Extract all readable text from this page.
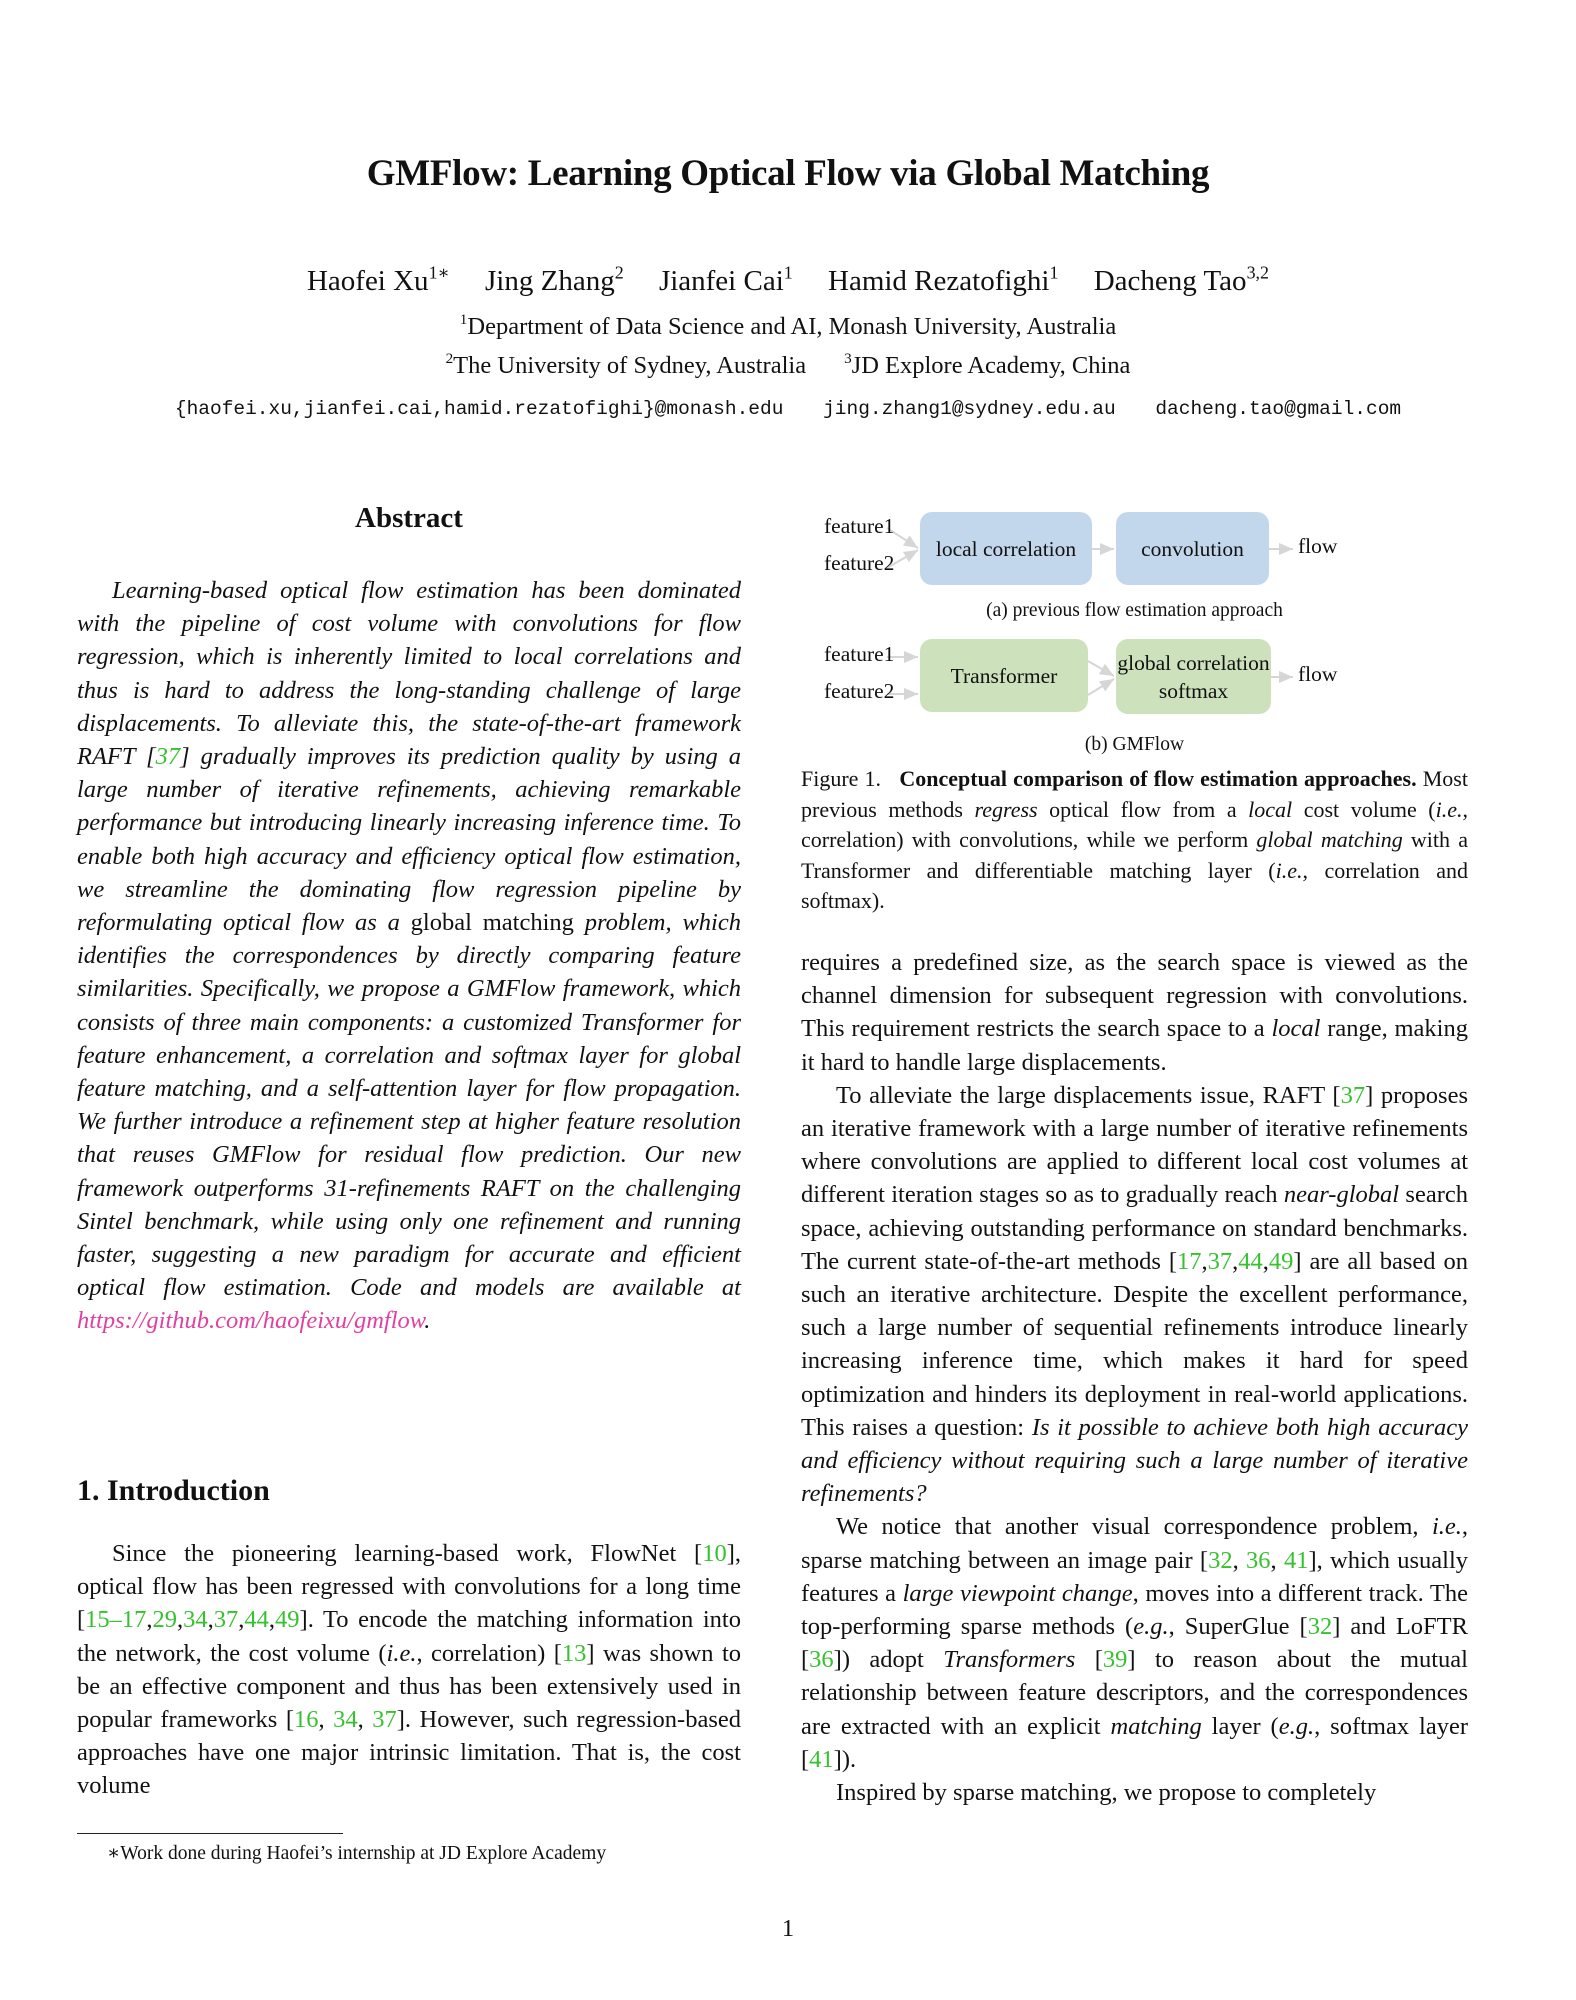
GMFlow: Learning Optical Flow via Global Matching
Haofei $Xu^{1∗}$ Jing Zhang$^2$ Jianfei Cai$^1$ Hamid Rezatofighi$^1$ Dacheng Tao$^{3,2}$
$^1$Department of Data Science and AI, Monash University, Australia
$^2$The University of Sydney, Australia	$^3$JD Explore Academy, China
{haofei.xu,jianfei.cai,hamid.rezatofighi}@monash.edu jing.zhang1@sydney.edu.au dacheng.tao@gmail.com
Abstract

Learning-based optical flow estimation has been dominated with the pipeline of cost volume with convolutions for flow regression, which is inherently limited to local correlations and thus is hard to address the long-standing challenge of large displacements. To alleviate this, the state-of-the-art framework RAFT [37] gradually improves its prediction quality by using a large number of iterative refinements, achieving remarkable performance but introducing linearly increasing inference time. To enable both high accuracy and efficiency optical flow estimation, we streamline the dominating flow regression pipeline by reformulating optical flow as a global matching problem, which identifies the correspondences by directly comparing feature similarities. Specifically, we propose a GMFlow framework, which consists of three main components: a customized Transformer for feature enhancement, a correlation and softmax layer for global feature matching, and a self-attention layer for flow propagation. We further introduce a refinement step at higher feature resolution that reuses GMFlow for residual flow prediction. Our new framework outperforms 31-refinements RAFT on the challenging Sintel benchmark, while using only one refinement and running faster, suggesting a new paradigm for accurate and efficient optical flow estimation. Code and models are available at https://github.com/haofeixu/gmflow.

1. Introduction

Since the pioneering learning-based work, FlowNet [10], optical flow has been regressed with convolutions for a long time [15–17,29,34,37,44,49]. To encode the matching information into the network, the cost volume (i.e., correlation) [13] was shown to be an effective component and thus has been extensively used in popular frameworks [16, 34, 37]. However, such regression-based approaches have one major intrinsic limitation. That is, the cost volume

∗Work done during Haofei’s internship at JD Explore Academy
feature1
feature2
local correlation	convolution	flow
(a) previous flow estimation approach
feature1
feature2
Transformer
global correlation
softmax
flow
(b) GMFlow

Figure 1. Conceptual comparison of flow estimation approaches. Most previous methods regress optical flow from a local cost volume (i.e., correlation) with convolutions, while we perform global matching with a Transformer and differentiable matching layer (i.e., correlation and softmax).

requires a predefined size, as the search space is viewed as the channel dimension for subsequent regression with convolutions. This requirement restricts the search space to a local range, making it hard to handle large displacements.

To alleviate the large displacements issue, RAFT [37] proposes an iterative framework with a large number of iterative refinements where convolutions are applied to different local cost volumes at different iteration stages so as to gradually reach near-global search space, achieving outstanding performance on standard benchmarks. The current state-of-the-art methods [17,37,44,49] are all based on such an iterative architecture. Despite the excellent performance, such a large number of sequential refinements introduce linearly increasing inference time, which makes it hard for speed optimization and hinders its deployment in real-world applications. This raises a question: Is it possible to achieve both high accuracy and efficiency without requiring such a large number of iterative refinements?

We notice that another visual correspondence problem, i.e., sparse matching between an image pair [32, 36, 41], which usually features a large viewpoint change, moves into a different track. The top-performing sparse methods (e.g., SuperGlue [32] and LoFTR [36]) adopt Transformers [39] to reason about the mutual relationship between feature descriptors, and the correspondences are extracted with an explicit matching layer (e.g., softmax layer [41]).

Inspired by sparse matching, we propose to completely

1
